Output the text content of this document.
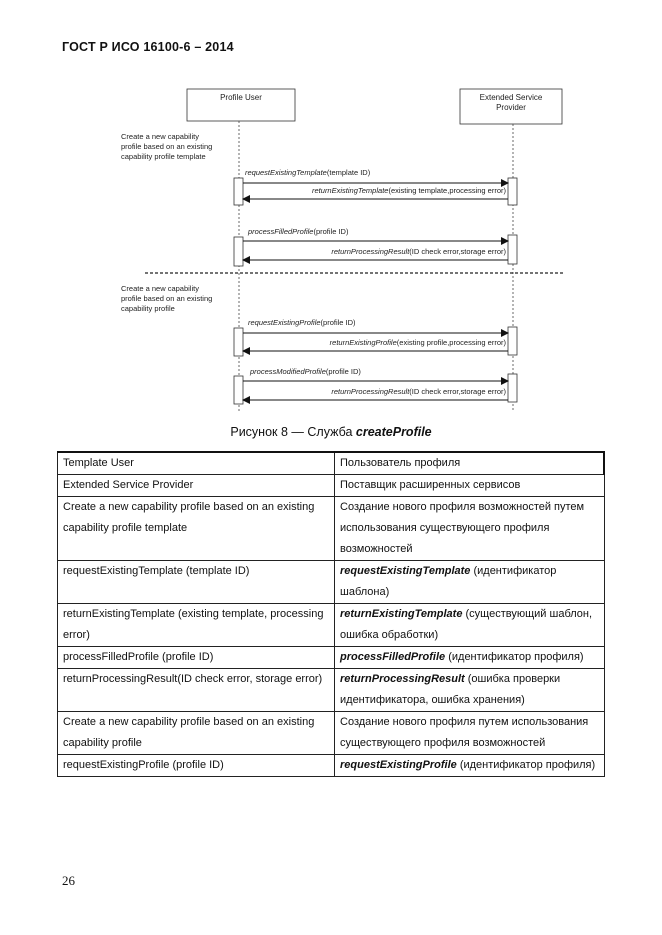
ГОСТ Р ИСО 16100-6 – 2014
Profile User	Extended Service
Provider
Create a new capability
profile based on an existing
capability profile template
requestExistingTemplate(template ID)
returnExistingTemplate(existing template,processing error)
processFilledProfile(profile ID)
returnProcessingResult(ID check error,storage error)
Create a new capability
profile based on an existing
capability profile
requestExistingProfile(profile ID)
returnExistingProfile(existing profile,processing error)
processModifiedProfile(profile ID)
returnProcessingResult(ID check error,storage error)
Рисунок 8 — Служба createProfile
Template User	Пользователь профиля
Extended Service Provider	Поставщик расширенных сервисов
Create a new capability profile based on an existing capability profile template	Создание нового профиля возможностей путем использования существующего профиля возможностей
requestExistingTemplate (template ID)	requestExistingTemplate (идентификатор шаблона)
returnExistingTemplate (existing template, processing error)	returnExistingTemplate (существующий шаблон, ошибка обработки)
processFilledProfile (profile ID)	processFilledProfile (идентификатор профиля)
returnProcessingResult(ID check error, storage error)	returnProcessingResult (ошибка проверки идентификатора, ошибка хранения)
Create a new capability profile based on an existing capability profile	Создание нового профиля путем использования существующего профиля возможностей
requestExistingProfile (profile ID)	requestExistingProfile (идентификатор профиля)
26
